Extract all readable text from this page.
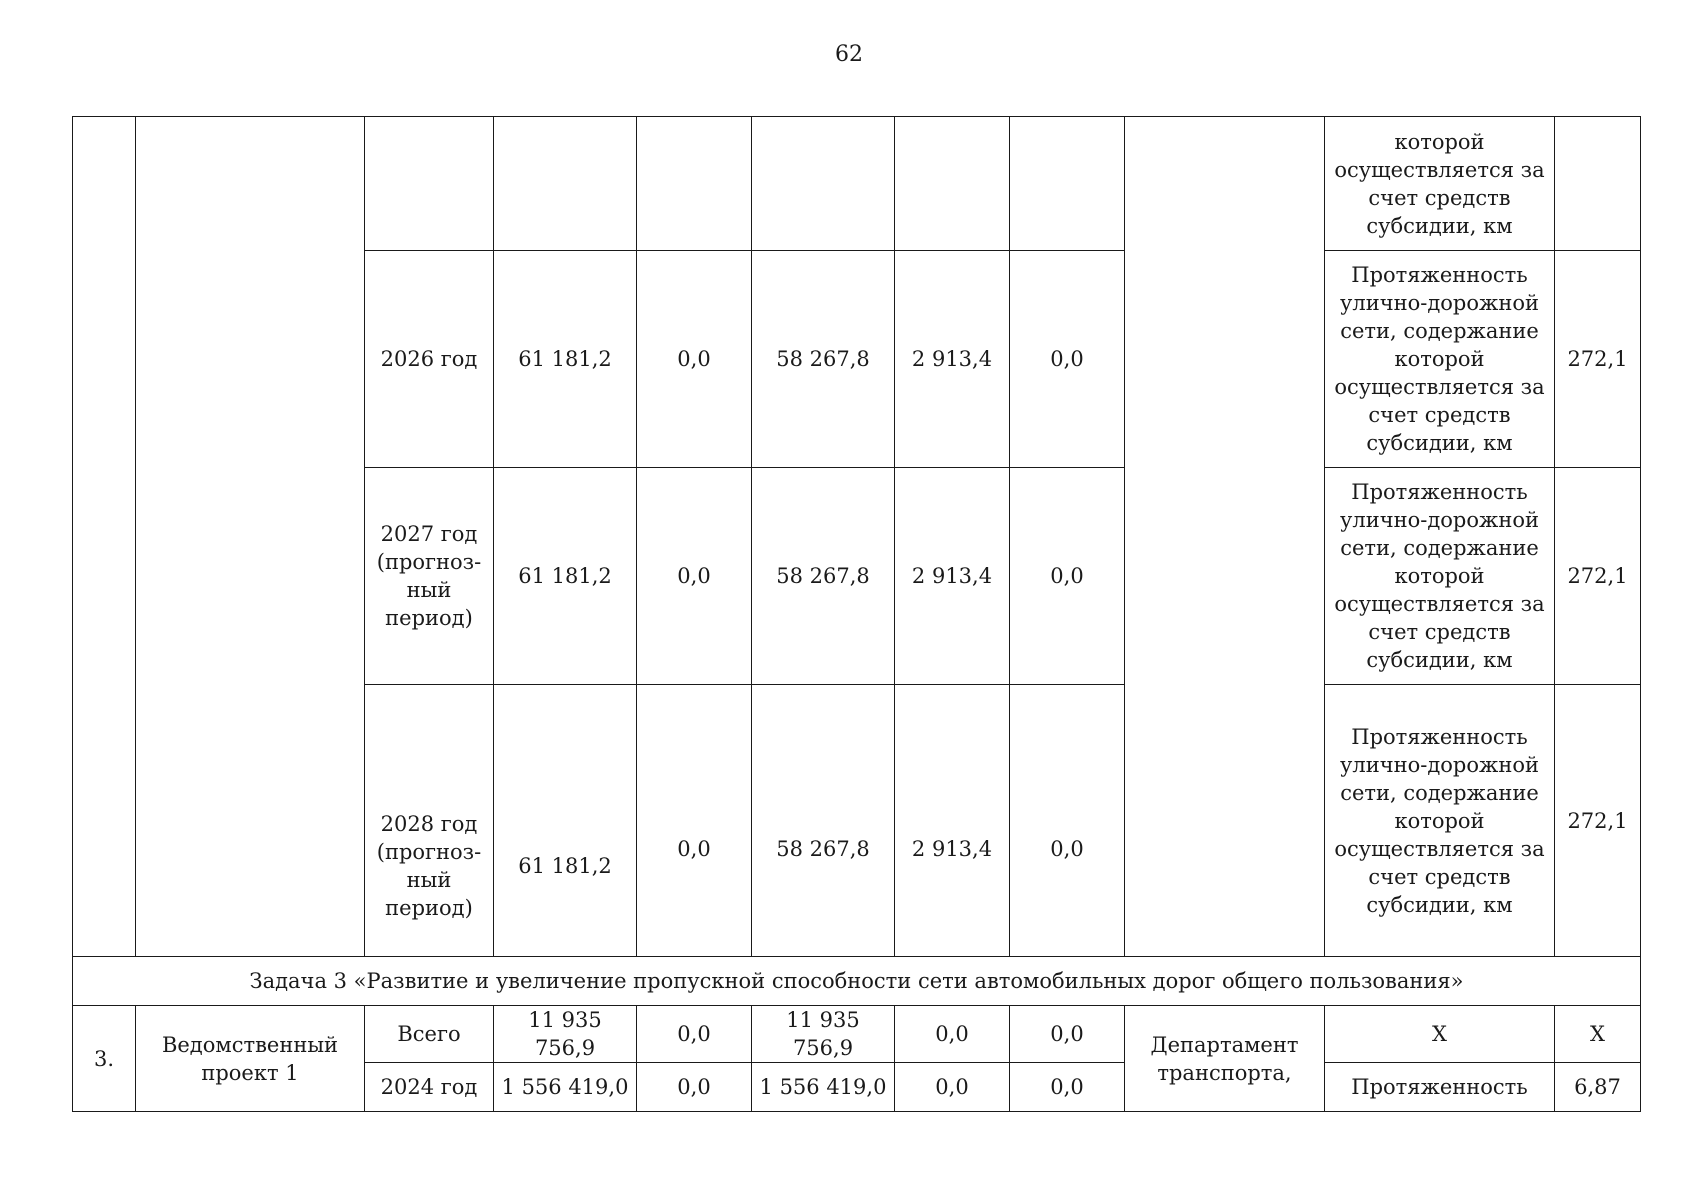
62
									которой осуществляется за счет средств субсидии, км	
		2026 год	61 181,2	0,0	58 267,8	2 913,4	0,0		Протяженность улично-дорожной сети, содержание которой осуществляется за счет средств субсидии, км	272,1
		2027 год (прогноз-ный период)	61 181,2	0,0	58 267,8	2 913,4	0,0		Протяженность улично-дорожной сети, содержание которой осуществляется за счет средств субсидии, км	272,1
		2028 год (прогноз-ный период)	61 181,2	0,0	58 267,8	2 913,4	0,0		Протяженность улично-дорожной сети, содержание которой осуществляется за счет средств субсидии, км	272,1
Задача 3 «Развитие и увеличение пропускной способности сети автомобильных дорог общего пользования»										
3.	Ведомственный проект 1	Всего	11 935 756,9	0,0	11 935 756,9	0,0	0,0	Департамент транспорта,	Х	Х
		2024 год	1 556 419,0	0,0	1 556 419,0	0,0	0,0		Протяженность	6,87
